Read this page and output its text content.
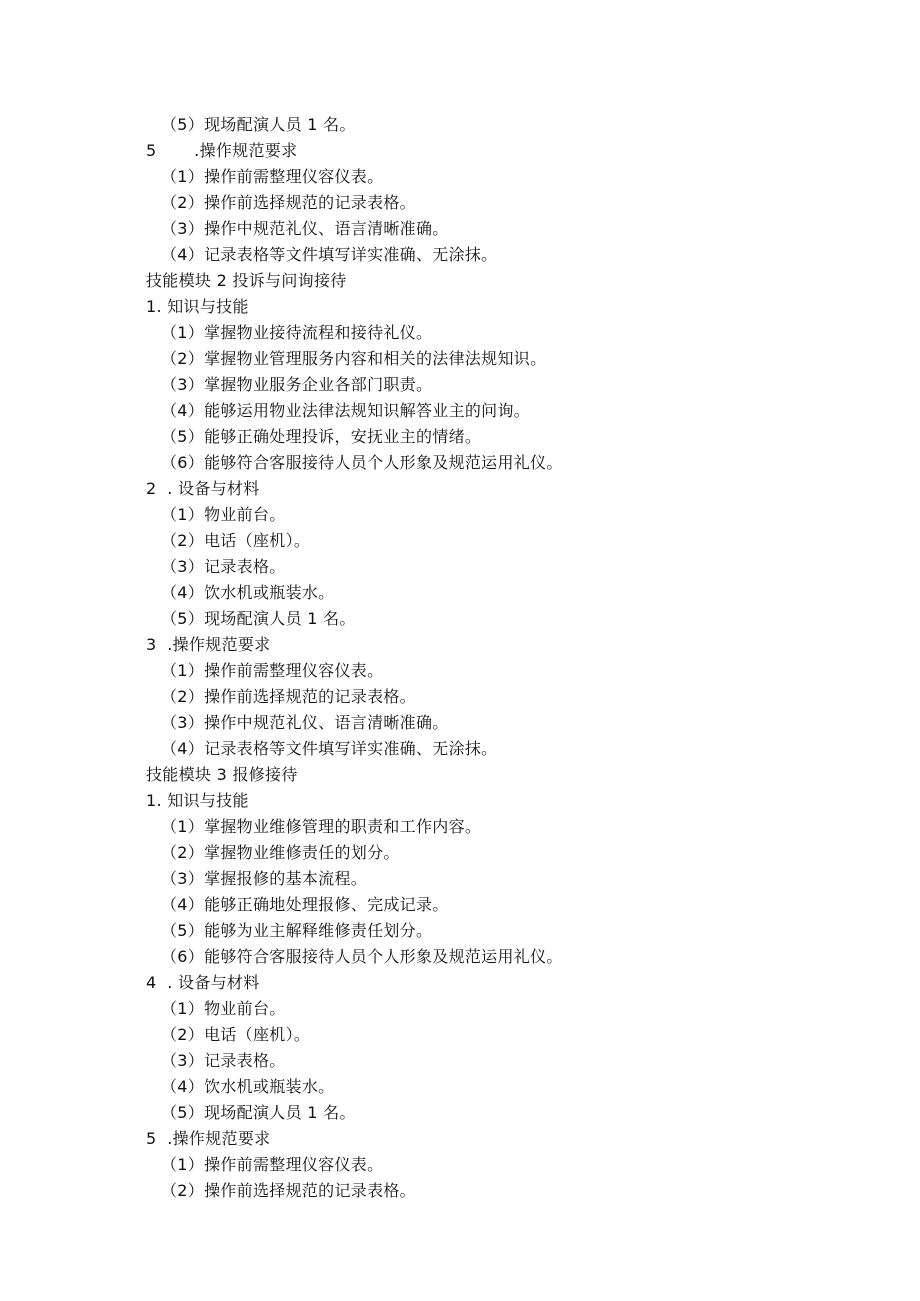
（5）现场配演人员 1 名。
5       .操作规范要求
（1）操作前需整理仪容仪表。
（2）操作前选择规范的记录表格。
（3）操作中规范礼仪、语言清晰准确。
（4）记录表格等文件填写详实准确、无涂抹。
技能模块 2 投诉与问询接待
1. 知识与技能
（1）掌握物业接待流程和接待礼仪。
（2）掌握物业管理服务内容和相关的法律法规知识。
（3）掌握物业服务企业各部门职责。
（4）能够运用物业法律法规知识解答业主的问询。
（5）能够正确处理投诉，安抚业主的情绪。
（6）能够符合客服接待人员个人形象及规范运用礼仪。
2  . 设备与材料
（1）物业前台。
（2）电话（座机）。
（3）记录表格。
（4）饮水机或瓶装水。
（5）现场配演人员 1 名。
3  .操作规范要求
（1）操作前需整理仪容仪表。
（2）操作前选择规范的记录表格。
（3）操作中规范礼仪、语言清晰准确。
（4）记录表格等文件填写详实准确、无涂抹。
技能模块 3 报修接待
1. 知识与技能
（1）掌握物业维修管理的职责和工作内容。
（2）掌握物业维修责任的划分。
（3）掌握报修的基本流程。
（4）能够正确地处理报修、完成记录。
（5）能够为业主解释维修责任划分。
（6）能够符合客服接待人员个人形象及规范运用礼仪。
4  . 设备与材料
（1）物业前台。
（2）电话（座机）。
（3）记录表格。
（4）饮水机或瓶装水。
（5）现场配演人员 1 名。
5  .操作规范要求
（1）操作前需整理仪容仪表。
（2）操作前选择规范的记录表格。
